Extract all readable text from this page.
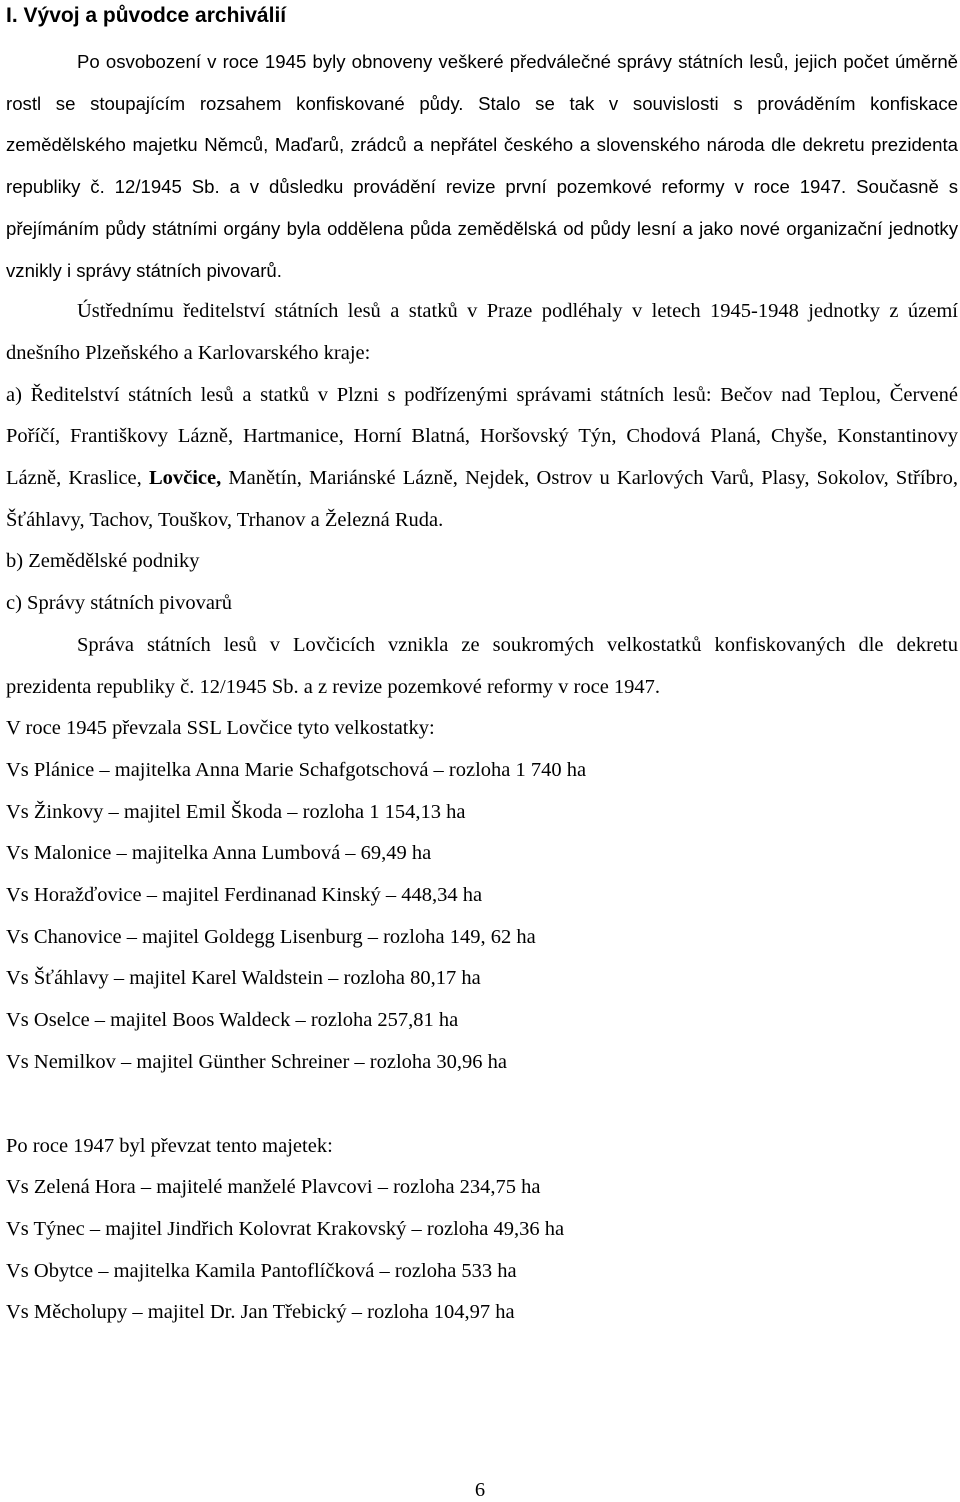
I. Vývoj a původce archiválií

Po osvobození v roce 1945 byly obnoveny veškeré předválečné správy státních lesů, jejich počet úměrně rostl se stoupajícím rozsahem konfiskované půdy. Stalo se tak v souvislosti s prováděním konfiskace zemědělského majetku Němců, Maďarů, zrádců a nepřátel českého a slovenského národa dle dekretu prezidenta republiky č. 12/1945 Sb. a v důsledku provádění revize první pozemkové reformy v roce 1947. Současně s přejímáním půdy státními orgány byla oddělena půda zemědělská od půdy lesní a jako nové organizační jednotky vznikly i správy státních pivovarů.

Ústřednímu ředitelství státních lesů a statků v Praze podléhaly v letech 1945-1948 jednotky z území dnešního Plzeňského a Karlovarského kraje:

a) Ředitelství státních lesů a statků v Plzni s podřízenými správami státních lesů: Bečov nad Teplou, Červené Poříčí, Františkovy Lázně, Hartmanice, Horní Blatná, Horšovský Týn, Chodová Planá, Chyše, Konstantinovy Lázně, Kraslice, Lovčice, Manětín, Mariánské Lázně, Nejdek, Ostrov u Karlových Varů, Plasy, Sokolov, Stříbro, Šťáhlavy, Tachov, Touškov, Trhanov a Železná Ruda.

b) Zemědělské podniky

c) Správy státních pivovarů

Správa státních lesů v Lovčicích vznikla ze soukromých velkostatků konfiskovaných dle dekretu prezidenta republiky č. 12/1945 Sb. a z revize pozemkové reformy v roce 1947.

V roce 1945 převzala SSL Lovčice tyto velkostatky:

Vs Plánice – majitelka Anna Marie Schafgotschová – rozloha 1 740 ha

Vs Žinkovy – majitel Emil Škoda – rozloha 1 154,13 ha

Vs Malonice – majitelka Anna Lumbová – 69,49 ha

Vs Horažďovice – majitel Ferdinanad Kinský – 448,34 ha

Vs Chanovice – majitel Goldegg Lisenburg – rozloha 149, 62 ha

Vs Šťáhlavy – majitel Karel Waldstein – rozloha 80,17 ha

Vs Oselce – majitel Boos Waldeck – rozloha 257,81 ha

Vs Nemilkov – majitel Günther Schreiner – rozloha 30,96 ha

Po roce 1947 byl převzat tento majetek:

Vs Zelená Hora – majitelé manželé Plavcovi – rozloha 234,75 ha

Vs Týnec – majitel Jindřich Kolovrat Krakovský – rozloha 49,36 ha

Vs Obytce – majitelka Kamila Pantoflíčková – rozloha 533 ha

Vs Měcholupy – majitel Dr. Jan Třebický – rozloha 104,97 ha

6
